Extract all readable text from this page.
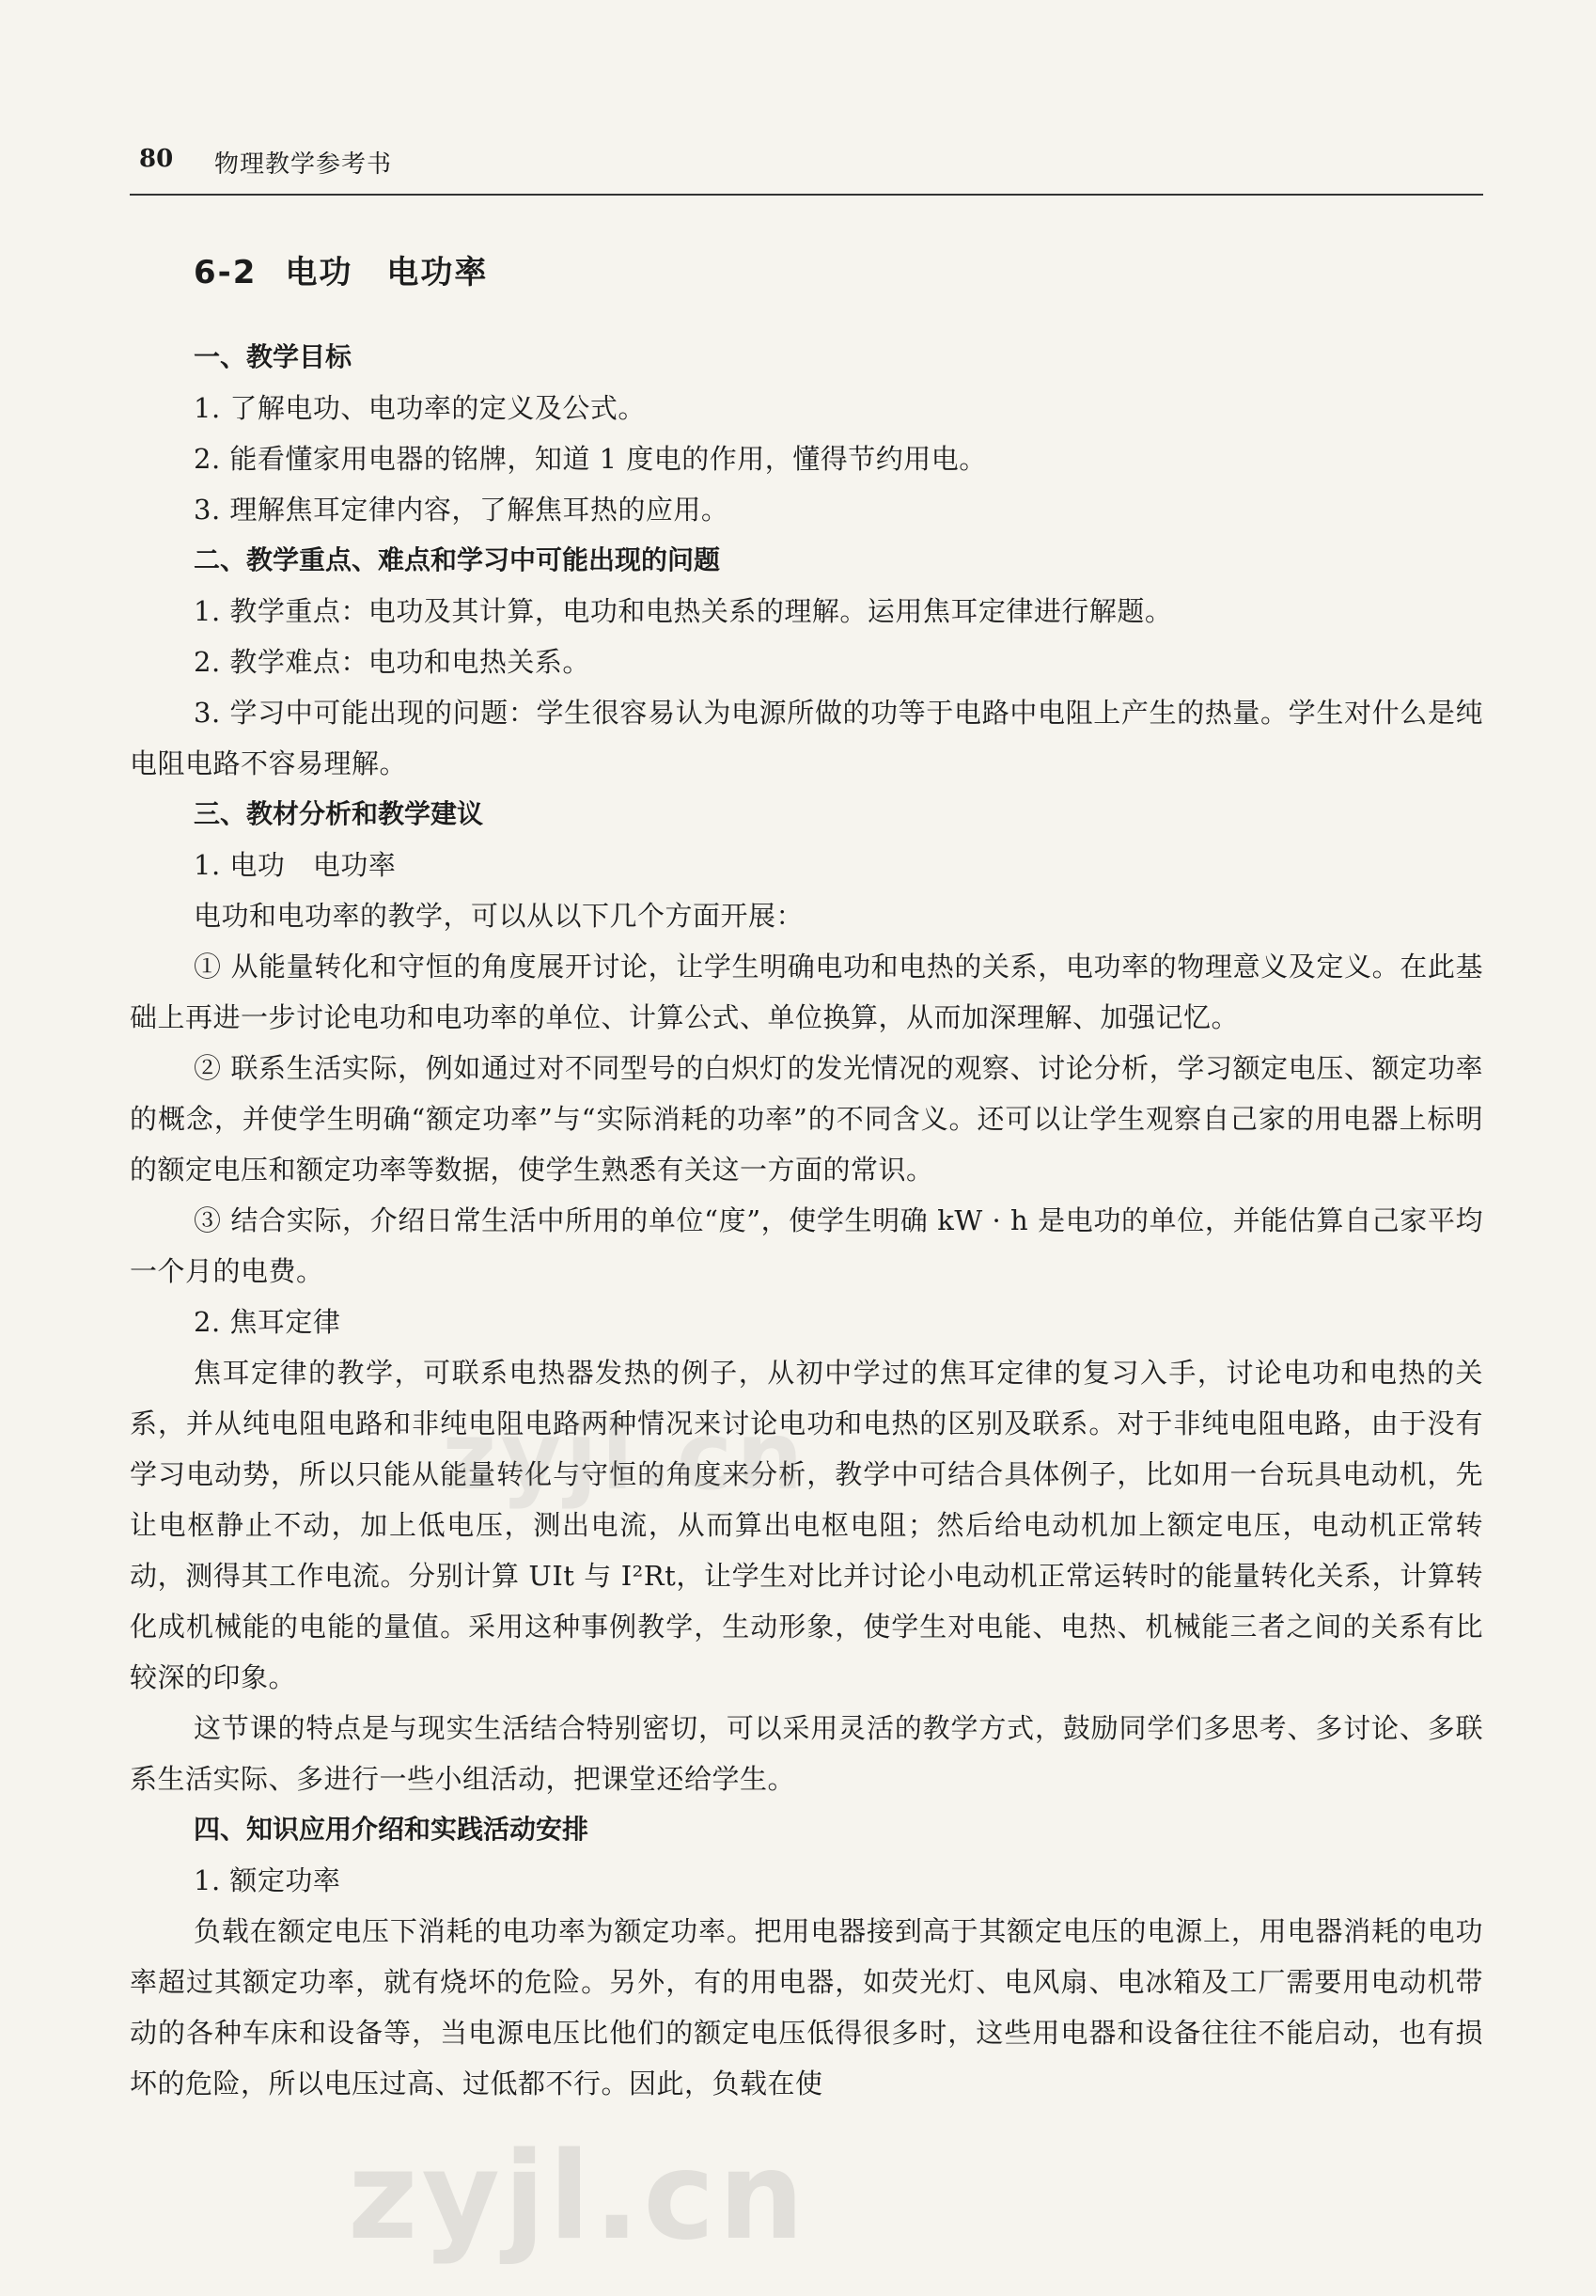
80 物理教学参考书
6-2 电功　电功率
一、教学目标

1. 了解电功、电功率的定义及公式。

2. 能看懂家用电器的铭牌，知道 1 度电的作用，懂得节约用电。

3. 理解焦耳定律内容，了解焦耳热的应用。

二、教学重点、难点和学习中可能出现的问题

1. 教学重点：电功及其计算，电功和电热关系的理解。运用焦耳定律进行解题。

2. 教学难点：电功和电热关系。

3. 学习中可能出现的问题：学生很容易认为电源所做的功等于电路中电阻上产生的热量。学生对什么是纯电阻电路不容易理解。

三、教材分析和教学建议

1. 电功　电功率

电功和电功率的教学，可以从以下几个方面开展：

① 从能量转化和守恒的角度展开讨论，让学生明确电功和电热的关系，电功率的物理意义及定义。在此基础上再进一步讨论电功和电功率的单位、计算公式、单位换算，从而加深理解、加强记忆。

② 联系生活实际，例如通过对不同型号的白炽灯的发光情况的观察、讨论分析，学习额定电压、额定功率的概念，并使学生明确“额定功率”与“实际消耗的功率”的不同含义。还可以让学生观察自己家的用电器上标明的额定电压和额定功率等数据，使学生熟悉有关这一方面的常识。

③ 结合实际，介绍日常生活中所用的单位“度”，使学生明确 kW · h 是电功的单位，并能估算自己家平均一个月的电费。

2. 焦耳定律

焦耳定律的教学，可联系电热器发热的例子，从初中学过的焦耳定律的复习入手，讨论电功和电热的关系，并从纯电阻电路和非纯电阻电路两种情况来讨论电功和电热的区别及联系。对于非纯电阻电路，由于没有学习电动势，所以只能从能量转化与守恒的角度来分析，教学中可结合具体例子，比如用一台玩具电动机，先让电枢静止不动，加上低电压，测出电流，从而算出电枢电阻；然后给电动机加上额定电压，电动机正常转动，测得其工作电流。分别计算 UIt 与 I²Rt，让学生对比并讨论小电动机正常运转时的能量转化关系，计算转化成机械能的电能的量值。采用这种事例教学，生动形象，使学生对电能、电热、机械能三者之间的关系有比较深的印象。

这节课的特点是与现实生活结合特别密切，可以采用灵活的教学方式，鼓励同学们多思考、多讨论、多联系生活实际、多进行一些小组活动，把课堂还给学生。

四、知识应用介绍和实践活动安排

1. 额定功率

负载在额定电压下消耗的电功率为额定功率。把用电器接到高于其额定电压的电源上，用电器消耗的电功率超过其额定功率，就有烧坏的危险。另外，有的用电器，如荧光灯、电风扇、电冰箱及工厂需要用电动机带动的各种车床和设备等，当电源电压比他们的额定电压低得很多时，这些用电器和设备往往不能启动，也有损坏的危险，所以电压过高、过低都不行。因此，负载在使

zyjl.cn
zyjl.cn
